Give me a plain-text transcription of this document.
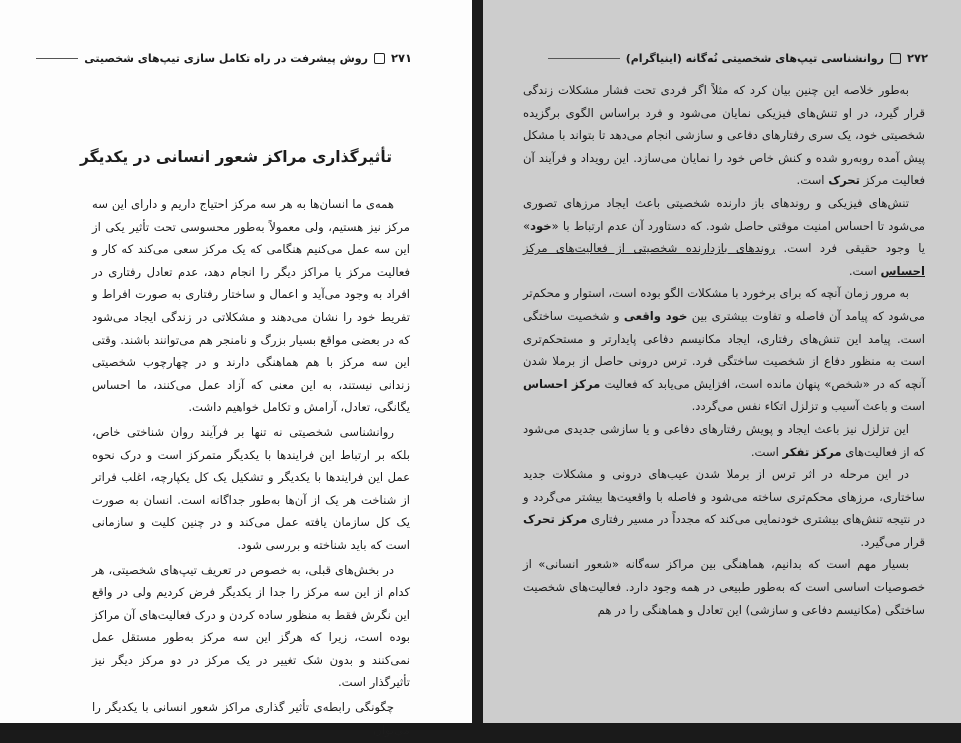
۲۷۱
روش پیشرفت در راه تکامل سازی تیپ‌های شخصیتی
تأثیرگذاری مراکز شعور انسانی در یکدیگر

همه‌ی ما انسان‌ها به هر سه مرکز احتیاج داریم و دارای این سه مرکز نیز هستیم، ولی معمولاً به‌طور محسوسی تحت تأثیر یکی از این سه عمل می‌کنیم هنگامی که یک مرکز سعی می‌کند که کار و فعالیت مرکز یا مراکز دیگر را انجام دهد، عدم تعادل رفتاری در افراد به وجود می‌آید و اعمال و ساختار رفتاری به صورت افراط و تفریط خود را نشان می‌دهند و مشکلاتی در زندگی ایجاد می‌شود که در بعضی مواقع بسیار بزرگ و نامنجر هم می‌توانند باشند. وقتی این سه مرکز با هم هماهنگی دارند و در چهارچوب شخصیتی زندانی نیستند، به این معنی که آزاد عمل می‌کنند، ما احساس یگانگی، تعادل، آرامش و تکامل خواهیم داشت.

روانشناسی شخصیتی نه تنها بر فرآیند روان شناختی خاص، بلکه بر ارتباط این فرایندها با یکدیگر متمرکز است و درک نحوه عمل این فرایندها با یکدیگر و تشکیل یک کل یکپارچه، اغلب فراتر از شناخت هر یک از آن‌ها به‌طور جداگانه است. انسان به صورت یک کل سازمان یافته عمل می‌کند و در چنین کلیت و سازمانی است که باید شناخته و بررسی شود.

در بخش‌های قبلی، به خصوص در تعریف تیپ‌های شخصیتی، هر کدام از این سه مرکز را جدا از یکدیگر فرض کردیم ولی در واقع این نگرش فقط به منظور ساده کردن و درک فعالیت‌های آن مراکز بوده است، زیرا که هرگز این سه مرکز به‌طور مستقل عمل نمی‌کنند و بدون شک تغییر در یک مرکز در دو مرکز دیگر نیز تأثیرگذار است.

چگونگی رابطه‌ی تأثیر گذاری مراکز شعور انسانی با یکدیگر را می‌توان

۲۷۲
روانشناسی تیپ‌های شخصیتی نُه‌گانه (اینیاگرام)

به‌طور خلاصه این چنین بیان کرد که مثلاً اگر فردی تحت فشار مشکلات زندگی قرار گیرد، در او تنش‌های فیزیکی نمایان می‌شود و فرد براساس الگوی برگزیده شخصیتی خود، یک سری رفتارهای دفاعی و سازشی انجام می‌دهد تا بتواند با مشکل پیش آمده روبه‌رو شده و کنش خاص خود را نمایان می‌سازد. این رویداد و فرآیند آن فعالیت مرکز تحرک است.

تنش‌های فیزیکی و روندهای باز دارنده شخصیتی باعث ایجاد مرزهای تصوری می‌شود تا احساس امنیت موقتی حاصل شود. که دستاورد آن عدم ارتباط با «خود» یا وجود حقیقی فرد است. روندهای بازدارنده شخصیتی از فعالیت‌های مرکز احساس است.

به مرور زمان آنچه که برای برخورد با مشکلات الگو بوده است، استوار و محکم‌تر می‌شود که پیامد آن فاصله و تفاوت بیشتری بین خود واقعی و شخصیت ساختگی است. پیامد این تنش‌های رفتاری، ایجاد مکانیسم دفاعی پایدارتر و مستحکم‌تری است به منظور دفاع از شخصیت ساختگی فرد. ترس درونی حاصل از برملا شدن آنچه که در «شخص» پنهان مانده است، افزایش می‌یابد که فعالیت مرکز احساس است و باعث آسیب و تزلزل اتکاء نفس می‌گردد.

این تزلزل نیز باعث ایجاد و پویش رفتارهای دفاعی و یا سازشی جدیدی می‌شود که از فعالیت‌های مرکز تفکر است.

در این مرحله در اثر ترس از برملا شدن عیب‌های درونی و مشکلات جدید ساختاری، مرزهای محکم‌تری ساخته می‌شود و فاصله با واقعیت‌ها بیشتر می‌گردد و در نتیجه تنش‌های بیشتری خودنمایی می‌کند که مجدداً در مسیر رفتاری مرکز تحرک قرار می‌گیرد.

بسیار مهم است که بدانیم، هماهنگی بین مراکز سه‌گانه «شعور انسانی» از خصوصیات اساسی است که به‌طور طبیعی در همه وجود دارد. فعالیت‌های شخصیت ساختگی (مکانیسم دفاعی و سازشی) این تعادل و هماهنگی را در هم
